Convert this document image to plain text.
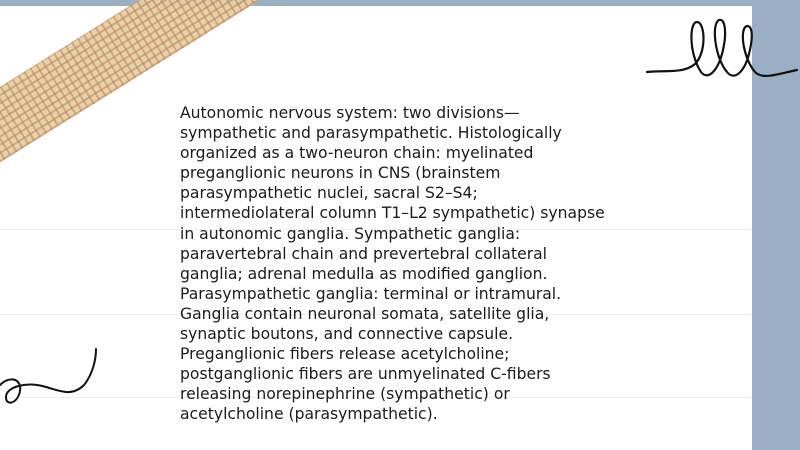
Autonomic nervous system: two divisions—
sympathetic and parasympathetic. Histologically
organized as a two-neuron chain: myelinated
preganglionic neurons in CNS (brainstem
parasympathetic nuclei, sacral S2–S4;
intermediolateral column T1–L2 sympathetic) synapse
in autonomic ganglia. Sympathetic ganglia:
paravertebral chain and prevertebral collateral
ganglia; adrenal medulla as modified ganglion.
Parasympathetic ganglia: terminal or intramural.
Ganglia contain neuronal somata, satellite glia,
synaptic boutons, and connective capsule.
Preganglionic fibers release acetylcholine;
postganglionic fibers are unmyelinated C-fibers
releasing norepinephrine (sympathetic) or
acetylcholine (parasympathetic).
